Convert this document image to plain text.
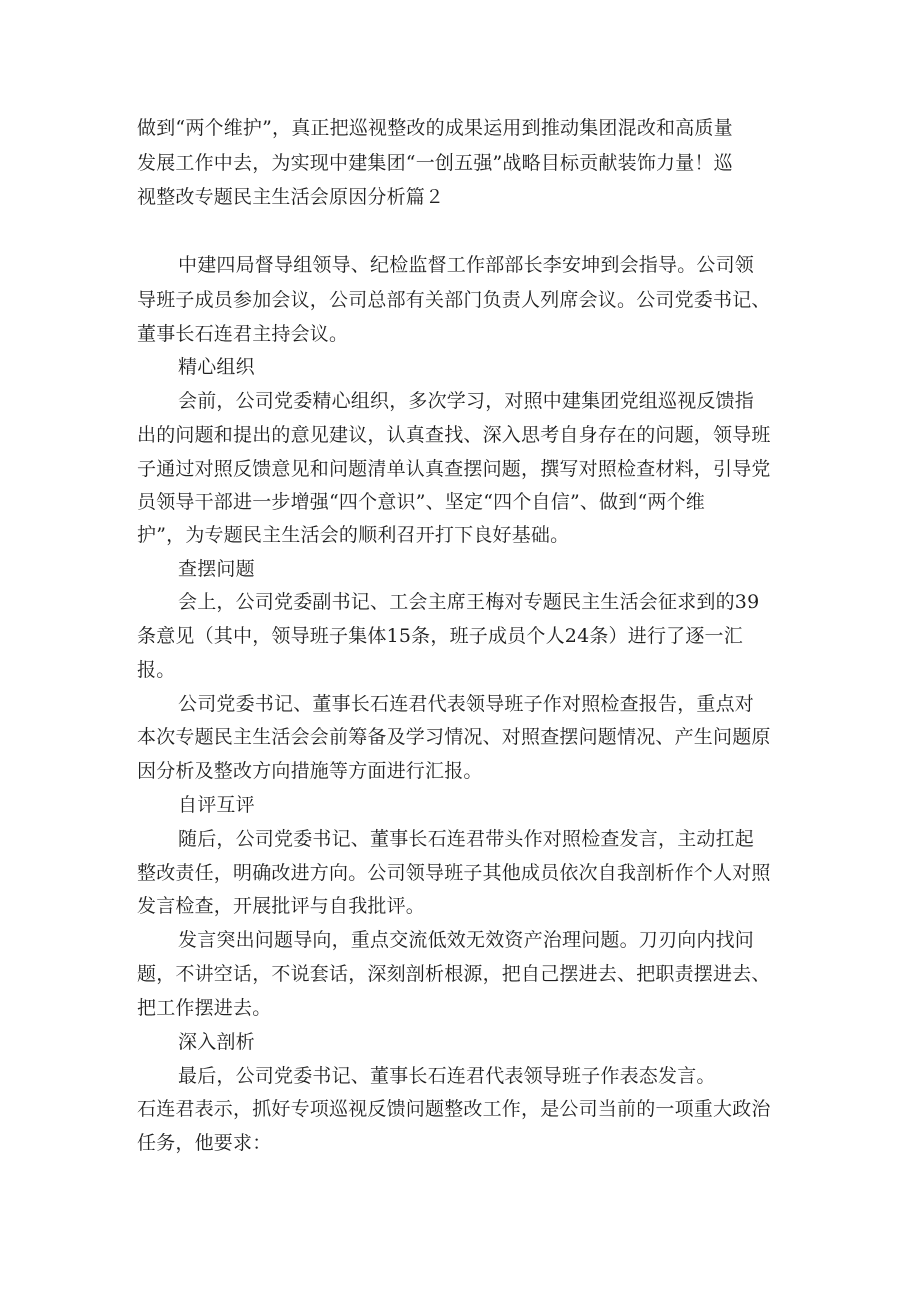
做到“两个维护”，真正把巡视整改的成果运用到推动集团混改和高质量
发展工作中去，为实现中建集团“一创五强”战略目标贡献装饰力量！巡
视整改专题民主生活会原因分析篇２
中建四局督导组领导、纪检监督工作部部长李安坤到会指导。公司领
导班子成员参加会议，公司总部有关部门负责人列席会议。公司党委书记、
董事长石连君主持会议。
精心组织
会前，公司党委精心组织，多次学习，对照中建集团党组巡视反馈指
出的问题和提出的意见建议，认真查找、深入思考自身存在的问题，领导班
子通过对照反馈意见和问题清单认真查摆问题，撰写对照检查材料，引导党
员领导干部进一步增强“四个意识”、坚定“四个自信”、做到“两个维
护”，为专题民主生活会的顺利召开打下良好基础。
查摆问题
会上，公司党委副书记、工会主席王梅对专题民主生活会征求到的39
条意见（其中，领导班子集体15条，班子成员个人24条）进行了逐一汇
报。
公司党委书记、董事长石连君代表领导班子作对照检查报告，重点对
本次专题民主生活会会前筹备及学习情况、对照查摆问题情况、产生问题原
因分析及整改方向措施等方面进行汇报。
自评互评
随后，公司党委书记、董事长石连君带头作对照检查发言，主动扛起
整改责任，明确改进方向。公司领导班子其他成员依次自我剖析作个人对照
发言检查，开展批评与自我批评。
发言突出问题导向，重点交流低效无效资产治理问题。刀刃向内找问
题，不讲空话，不说套话，深刻剖析根源，把自己摆进去、把职责摆进去、
把工作摆进去。
深入剖析
最后，公司党委书记、董事长石连君代表领导班子作表态发言。
石连君表示，抓好专项巡视反馈问题整改工作，是公司当前的一项重大政治
任务，他要求：
